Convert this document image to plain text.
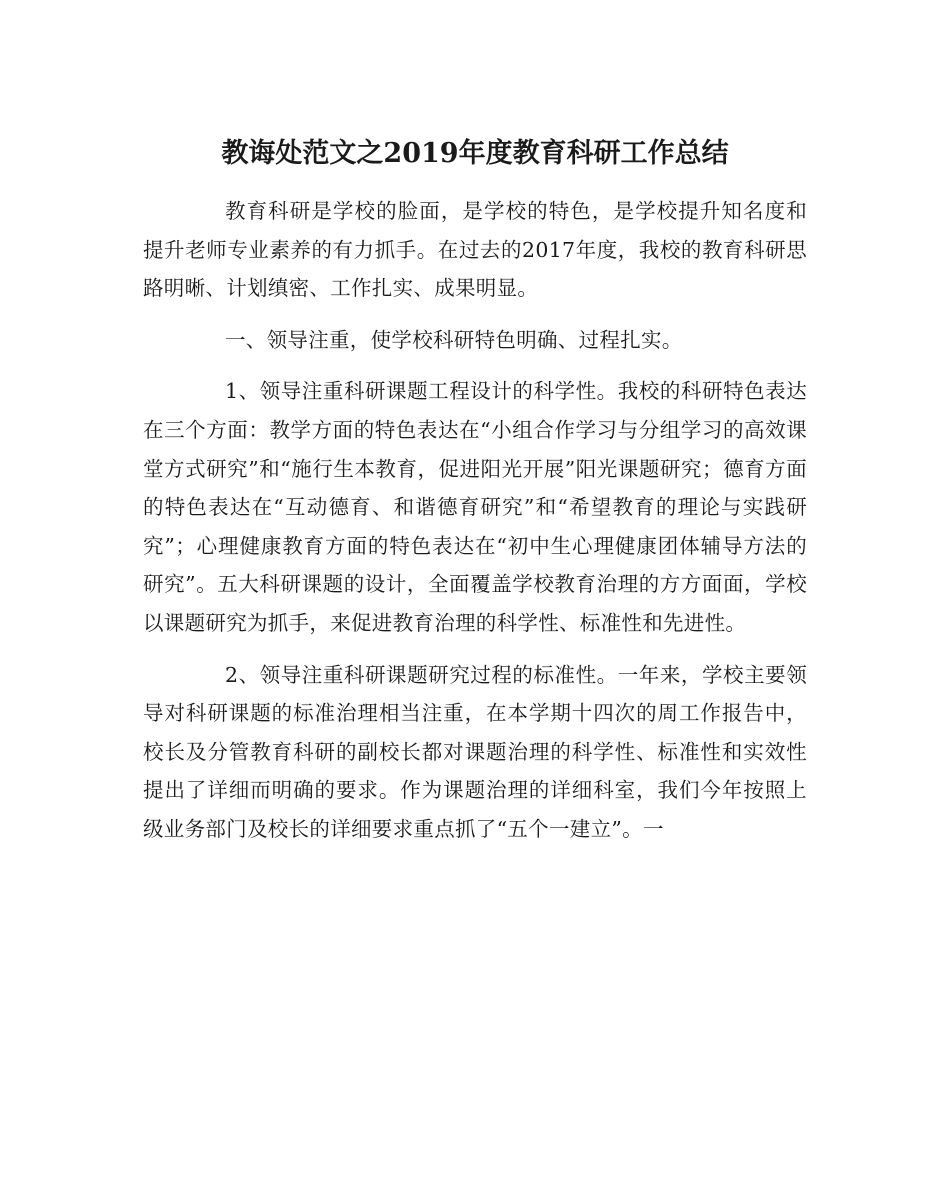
教诲处范文之2019年度教育科研工作总结

教育科研是学校的脸面，是学校的特色，是学校提升知名度和提升老师专业素养的有力抓手。在过去的2017年度，我校的教育科研思路明晰、计划缜密、工作扎实、成果明显。

一、领导注重，使学校科研特色明确、过程扎实。

1、领导注重科研课题工程设计的科学性。我校的科研特色表达在三个方面：教学方面的特色表达在“小组合作学习与分组学习的高效课堂方式研究”和“施行生本教育，促进阳光开展”阳光课题研究；德育方面的特色表达在“互动德育、和谐德育研究”和“希望教育的理论与实践研究”；心理健康教育方面的特色表达在“初中生心理健康团体辅导方法的研究”。五大科研课题的设计，全面覆盖学校教育治理的方方面面，学校以课题研究为抓手，来促进教育治理的科学性、标准性和先进性。

2、领导注重科研课题研究过程的标准性。一年来，学校主要领导对科研课题的标准治理相当注重，在本学期十四次的周工作报告中，校长及分管教育科研的副校长都对课题治理的科学性、标准性和实效性提出了详细而明确的要求。作为课题治理的详细科室，我们今年按照上级业务部门及校长的详细要求重点抓了“五个一建立”。一
